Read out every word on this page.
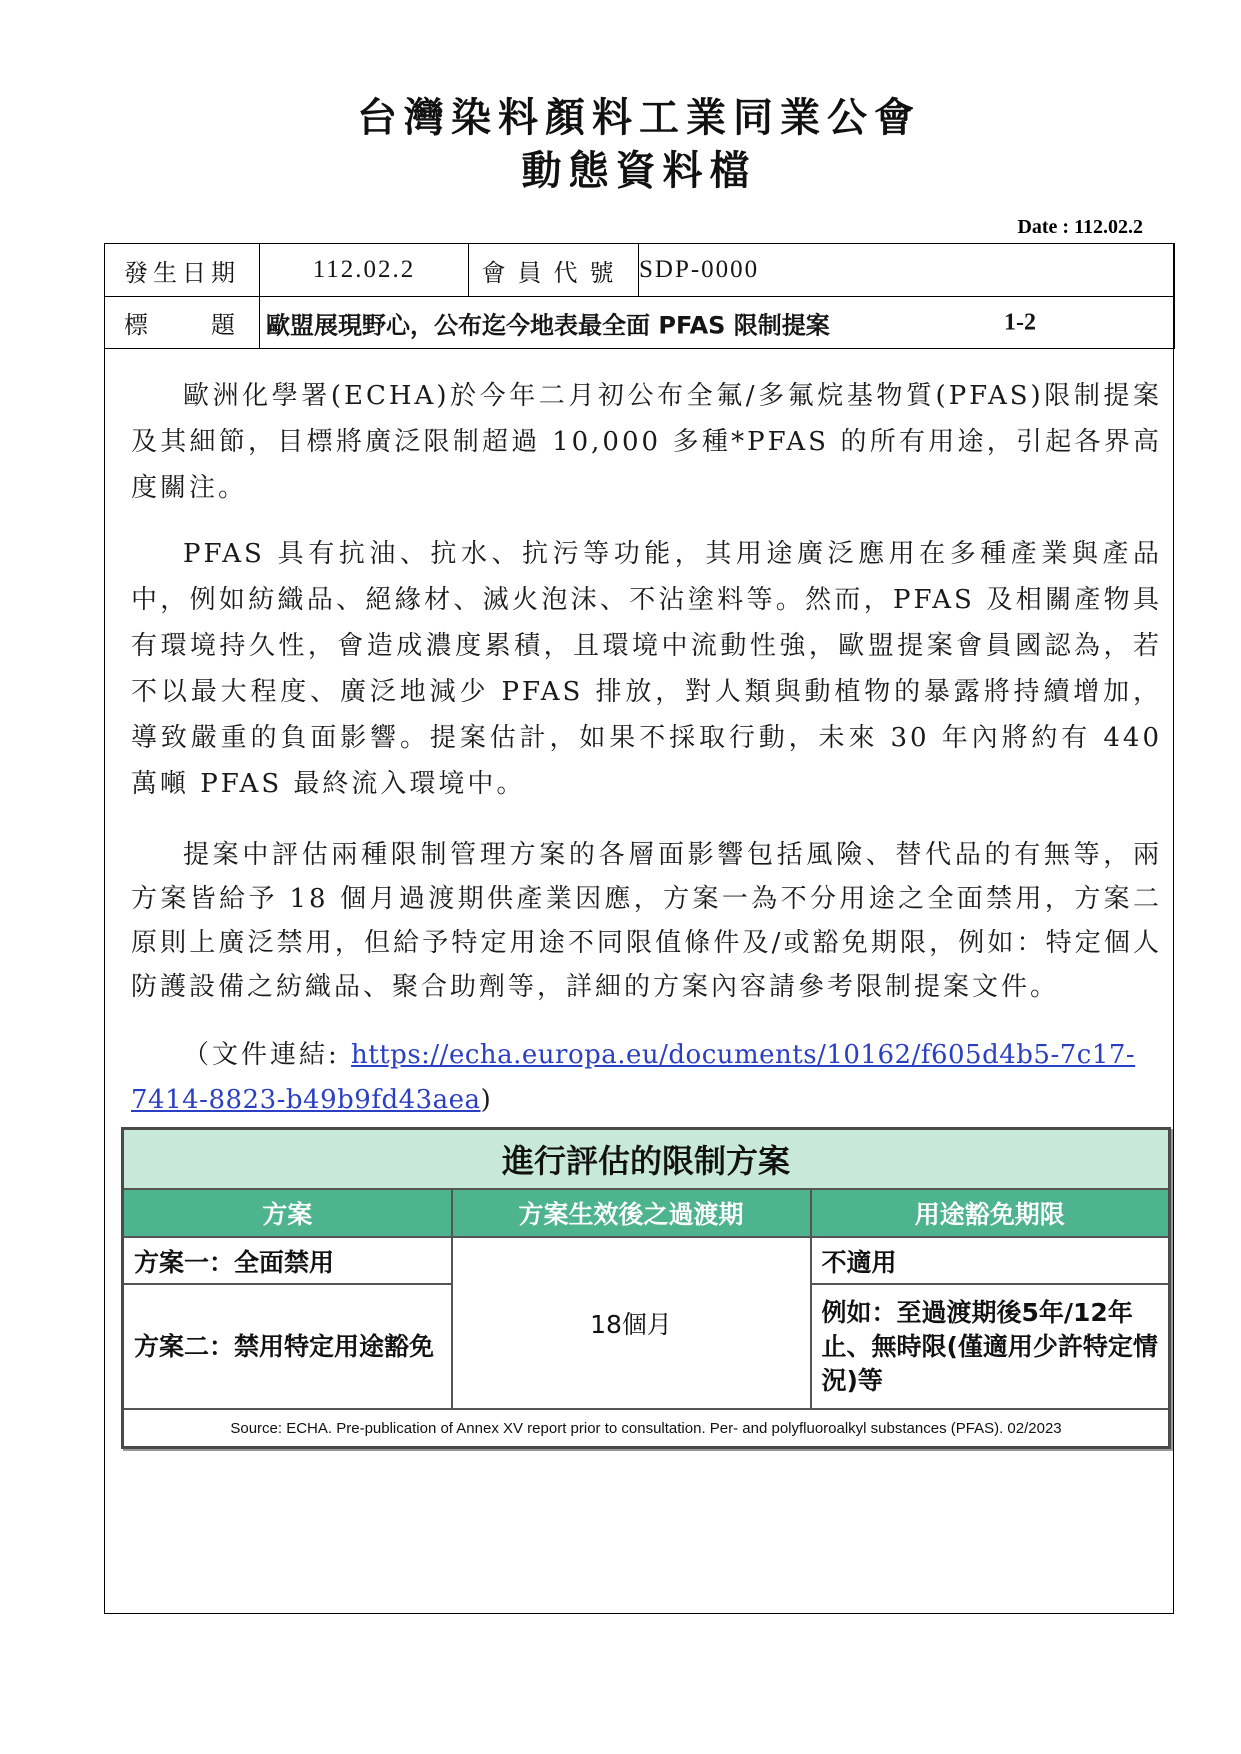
台灣染料顏料工業同業公會
動態資料檔
Date : 112.02.2
發生日期	112.02.2	會員代號	SDP-0000
標　　題	歐盟展現野心，公布迄今地表最全面 PFAS 限制提案 1-2		

歐洲化學署(ECHA)於今年二月初公布全氟/多氟烷基物質(PFAS)限制提案及其細節，目標將廣泛限制超過 10,000 多種*PFAS 的所有用途，引起各界高度關注。

PFAS 具有抗油、抗水、抗污等功能，其用途廣泛應用在多種產業與產品中，例如紡織品、絕緣材、滅火泡沫、不沾塗料等。然而，PFAS 及相關產物具有環境持久性，會造成濃度累積，且環境中流動性強，歐盟提案會員國認為，若不以最大程度、廣泛地減少 PFAS 排放，對人類與動植物的暴露將持續增加，導致嚴重的負面影響。提案估計，如果不採取行動，未來 30 年內將約有 440 萬噸 PFAS 最終流入環境中。

提案中評估兩種限制管理方案的各層面影響包括風險、替代品的有無等，兩方案皆給予 18 個月過渡期供產業因應，方案一為不分用途之全面禁用，方案二原則上廣泛禁用，但給予特定用途不同限值條件及/或豁免期限，例如：特定個人防護設備之紡織品、聚合助劑等，詳細的方案內容請參考限制提案文件。

（文件連結: https://echa.europa.eu/documents/10162/f605d4b5-7c17-7414-8823-b49b9fd43aea)

進行評估的限制方案		
方案	方案生效後之過渡期	用途豁免期限
方案一：全面禁用	18個月	不適用
方案二：禁用特定用途豁免		例如：至過渡期後5年/12年止、無時限(僅適用少許特定情況)等
Source: ECHA. Pre-publication of Annex XV report prior to consultation. Per- and polyfluoroalkyl substances (PFAS). 02/2023		
